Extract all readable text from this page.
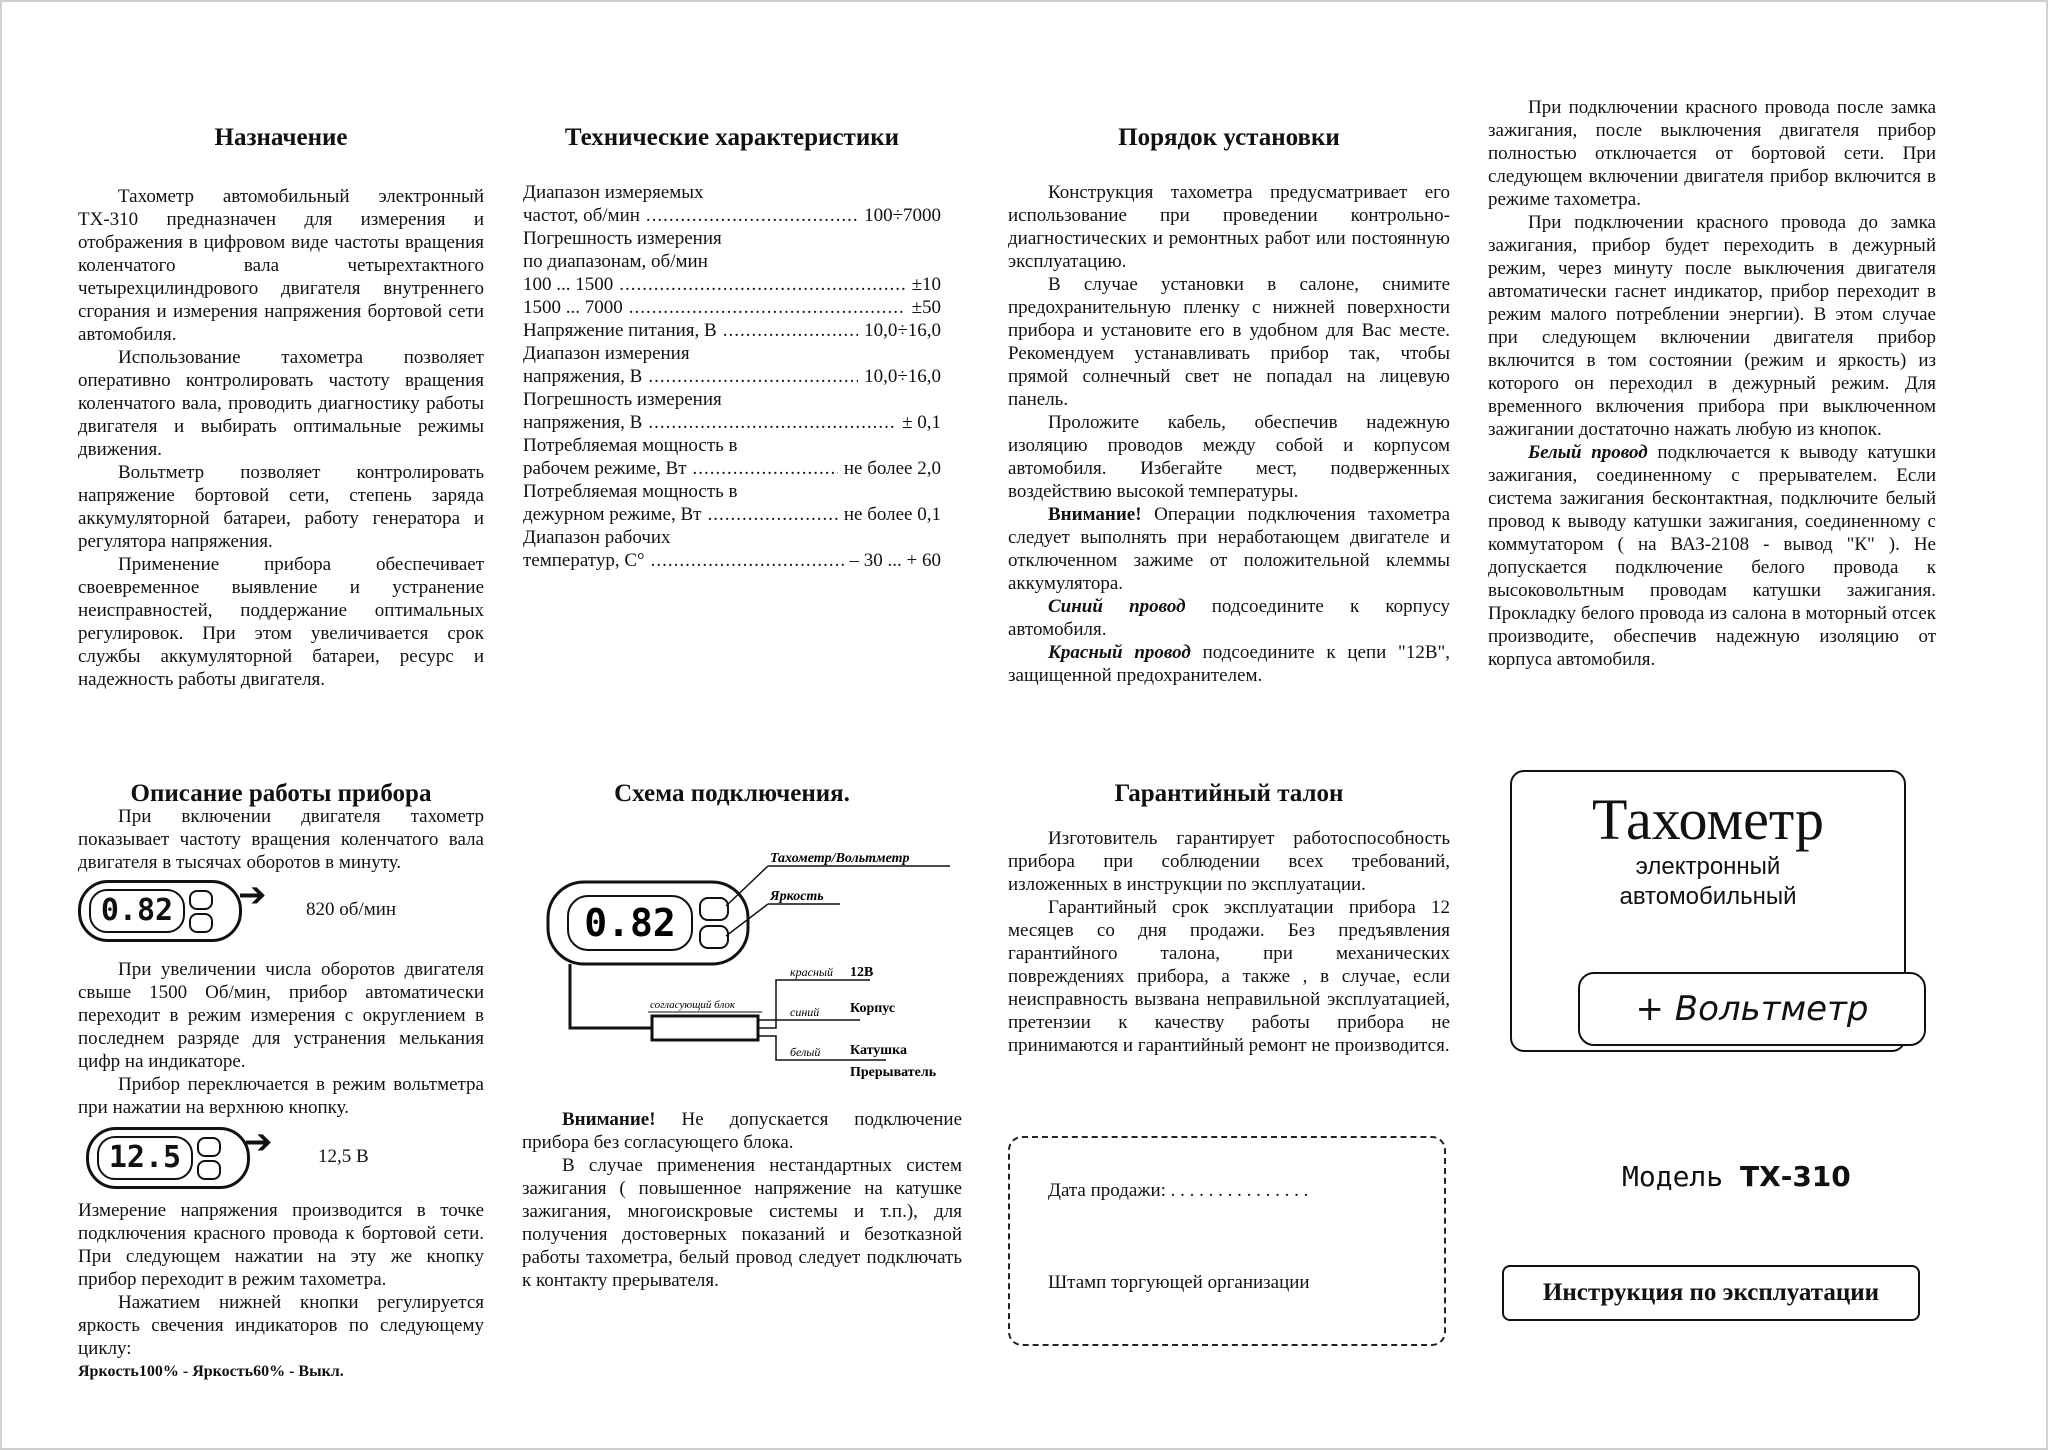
Назначение

Тахометр автомобильный электронный ТХ-310 предназначен для измерения и отображения в цифровом виде частоты вращения коленчатого вала четырехтактного четырехцилиндрового двигателя внутреннего сгорания и измерения напряжения бортовой сети автомобиля.

Использование тахометра позволяет оперативно контролировать частоту вращения коленчатого вала, проводить диагностику работы двигателя и выбирать оптимальные режимы движения.

Вольтметр позволяет контролировать напряжение бортовой сети, степень заряда аккумуляторной батареи, работу генератора и регулятора напряжения.

Применение прибора обеспечивает своевременное выявление и устранение неисправностей, поддержание оптимальных регулировок. При этом увеличивается срок службы аккумуляторной батареи, ресурс и надежность работы двигателя.

Технические характеристики
Диапазон измеряемых
частот, об/мин .....	100÷7000
Погрешность измерения
по диапазонам, об/мин
100 ... 1500 .....	±10
1500 ... 7000 .....	±50
Напряжение питания, В .....	10,0÷16,0
Диапазон измерения
напряжения, В .....	10,0÷16,0
Погрешность измерения
напряжения, В .....	± 0,1
Потребляемая мощность в
рабочем режиме, Вт .....	не более 2,0
Потребляемая мощность в
дежурном режиме, Вт .....	не более 0,1
Диапазон рабочих
температур, С° .....	– 30 ... + 60
Порядок установки

Конструкция тахометра предусматривает его использование при проведении контрольно-диагностических и ремонтных работ или постоянную эксплуатацию.

В случае установки в салоне, снимите предохранительную пленку с нижней поверхности прибора и установите его в удобном для Вас месте. Рекомендуем устанавливать прибор так, чтобы прямой солнечный свет не попадал на лицевую панель.

Проложите кабель, обеспечив надежную изоляцию проводов между собой и корпусом автомобиля. Избегайте мест, подверженных воздействию высокой температуры.

Внимание! Операции подключения тахометра следует выполнять при неработающем двигателе и отключенном зажиме от положительной клеммы аккумулятора.

Синий провод подсоедините к корпусу автомобиля.

Красный провод подсоедините к цепи "12В", защищенной предохранителем.

При подключении красного провода после замка зажигания, после выключения двигателя прибор полностью отключается от бортовой сети. При следующем включении двигателя прибор включится в режиме тахометра.

При подключении красного провода до замка зажигания, прибор будет переходить в дежурный режим, через минуту после выключения двигателя автоматически гаснет индикатор, прибор переходит в режим малого потреблении энергии). В этом случае при следующем включении двигателя прибор включится в том состоянии (режим и яркость) из которого он переходил в дежурный режим. Для временного включения прибора при выключенном зажигании достаточно нажать любую из кнопок.

Белый провод подключается к выводу катушки зажигания, соединенному с прерывателем. Если система зажигания бесконтактная, подключите белый провод к выводу катушки зажигания, соединенному с коммутатором ( на ВАЗ-2108 - вывод "К" ). Не допускается подключение белого провода к высоковольтным проводам катушки зажигания. Прокладку белого провода из салона в моторный отсек производите, обеспечив надежную изоляцию от корпуса автомобиля.

Описание работы прибора

При включении двигателя тахометр показывает частоту вращения коленчатого вала двигателя в тысячах оборотов в минуту.

0.82	➔ 820 об/мин

При увеличении числа оборотов двигателя свыше 1500 Об/мин, прибор автоматически переходит в режим измерения с округлением в последнем разряде для устранения мелькания цифр на индикаторе.

Прибор переключается в режим вольтметра при нажатии на верхнюю кнопку.

12.5	➔ 12,5 В

Измерение напряжения производится в точке подключения красного провода к бортовой сети. При следующем нажатии на эту же кнопку прибор переходит в режим тахометра.

Нажатием нижней кнопки регулируется яркость свечения индикаторов по следующему циклу:

Яркость100% - Яркость60% - Выкл.

Схема подключения.
0.82
Тахометр/Вольтметр
Яркость
согласующий блок
красный 12В
синий Корпус
белый Катушка
Прерыватель

Внимание! Не допускается подключение прибора без согласующего блока.

В случае применения нестандартных систем зажигания ( повышенное напряжение на катушке зажигания, многоискровые системы и т.п.), для получения достоверных показаний и безотказной работы тахометра, белый провод следует подключать к контакту прерывателя.

Гарантийный талон

Изготовитель гарантирует работоспособность прибора при соблюдении всех требований, изложенных в инструкции по эксплуатации.

Гарантийный срок эксплуатации прибора 12 месяцев со дня продажи. Без предъявления гарантийного талона, при механических повреждениях прибора, а также , в случае, если неисправность вызвана неправильной эксплуатацией, претензии к качеству работы прибора не принимаются и гарантийный ремонт не производится.

Дата продажи: . . . . . . . . . . . . . . .
Штамп торгующей организации
Тахометр
электронный
автомобильный
+ Вольтметр
Модель ТХ-310
Инструкция по эксплуатации
